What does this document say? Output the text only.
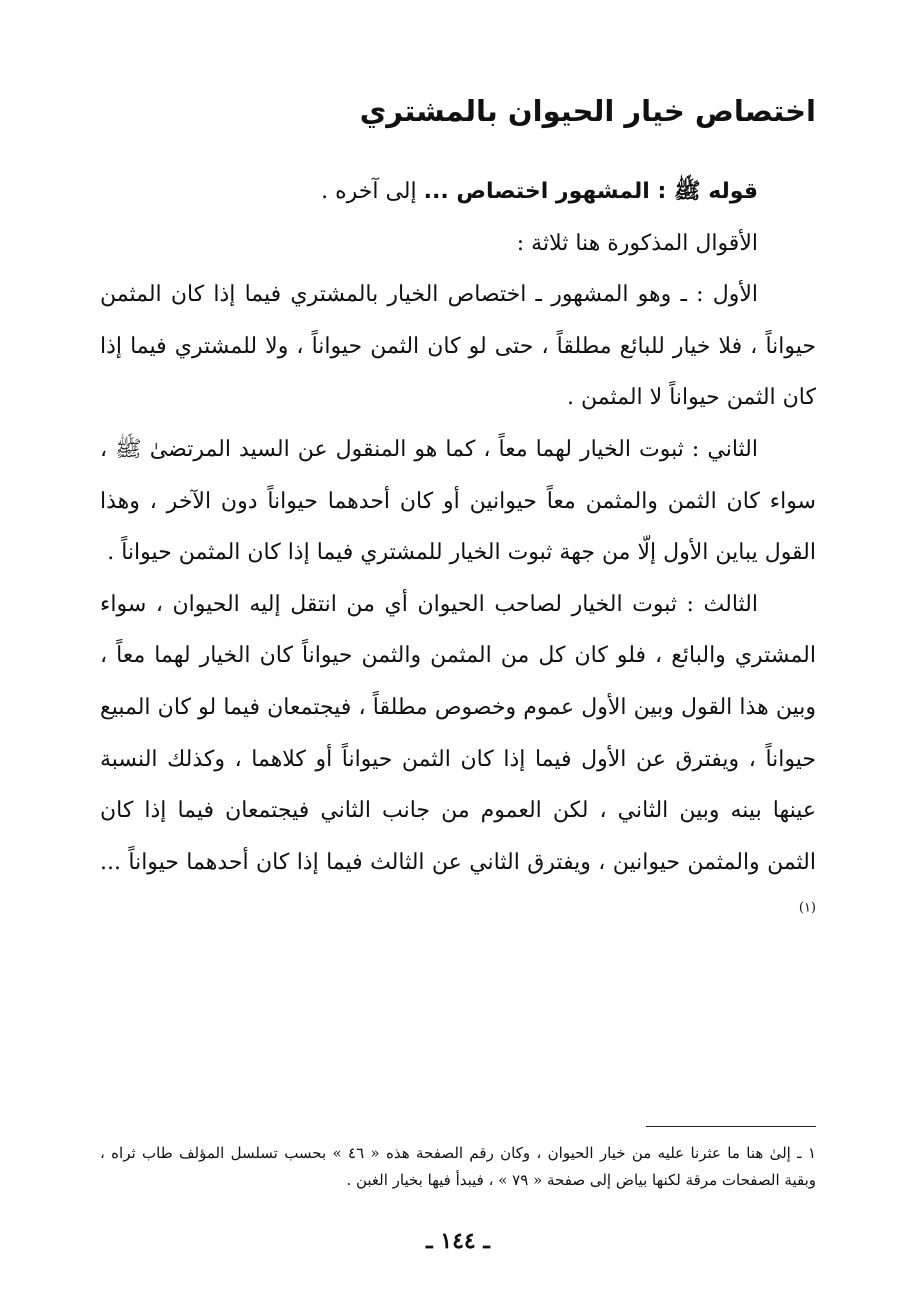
اختصاص خيار الحيوان بالمشتري

قوله ﷺ : المشهور اختصاص ... إلى آخره .

الأقوال المذكورة هنا ثلاثة :

الأول : ـ وهو المشهور ـ اختصاص الخيار بالمشتري فيما إذا كان المثمن حيواناً ، فلا خيار للبائع مطلقاً ، حتى لو كان الثمن حيواناً ، ولا للمشتري فيما إذا كان الثمن حيواناً لا المثمن .

الثاني : ثبوت الخيار لهما معاً ، كما هو المنقول عن السيد المرتضىٰ ﷺ ، سواء كان الثمن والمثمن معاً حيوانين أو كان أحدهما حيواناً دون الآخر ، وهذا القول يباين الأول إلّا من جهة ثبوت الخيار للمشتري فيما إذا كان المثمن حيواناً .

الثالث : ثبوت الخيار لصاحب الحيوان أي من انتقل إليه الحيوان ، سواء المشتري والبائع ، فلو كان كل من المثمن والثمن حيواناً كان الخيار لهما معاً ، وبين هذا القول وبين الأول عموم وخصوص مطلقاً ، فيجتمعان فيما لو كان المبيع حيواناً ، ويفترق عن الأول فيما إذا كان الثمن حيواناً أو كلاهما ، وكذلك النسبة عينها بينه وبين الثاني ، لكن العموم من جانب الثاني فيجتمعان فيما إذا كان الثمن والمثمن حيوانين ، ويفترق الثاني عن الثالث فيما إذا كان أحدهما حيواناً ...$^{(١)}$

١ ـ إلىٰ هنا ما عثرنا عليه من خيار الحيوان ، وكان رقم الصفحة هذه « ٤٦ » بحسب تسلسل المؤلف طاب ثراه ، وبقية الصفحات مرقة لكنها بياض إلى صفحة « ٧٩ » ، فيبدأ فيها بخيار الغبن .

ـ ١٤٤ ـ
